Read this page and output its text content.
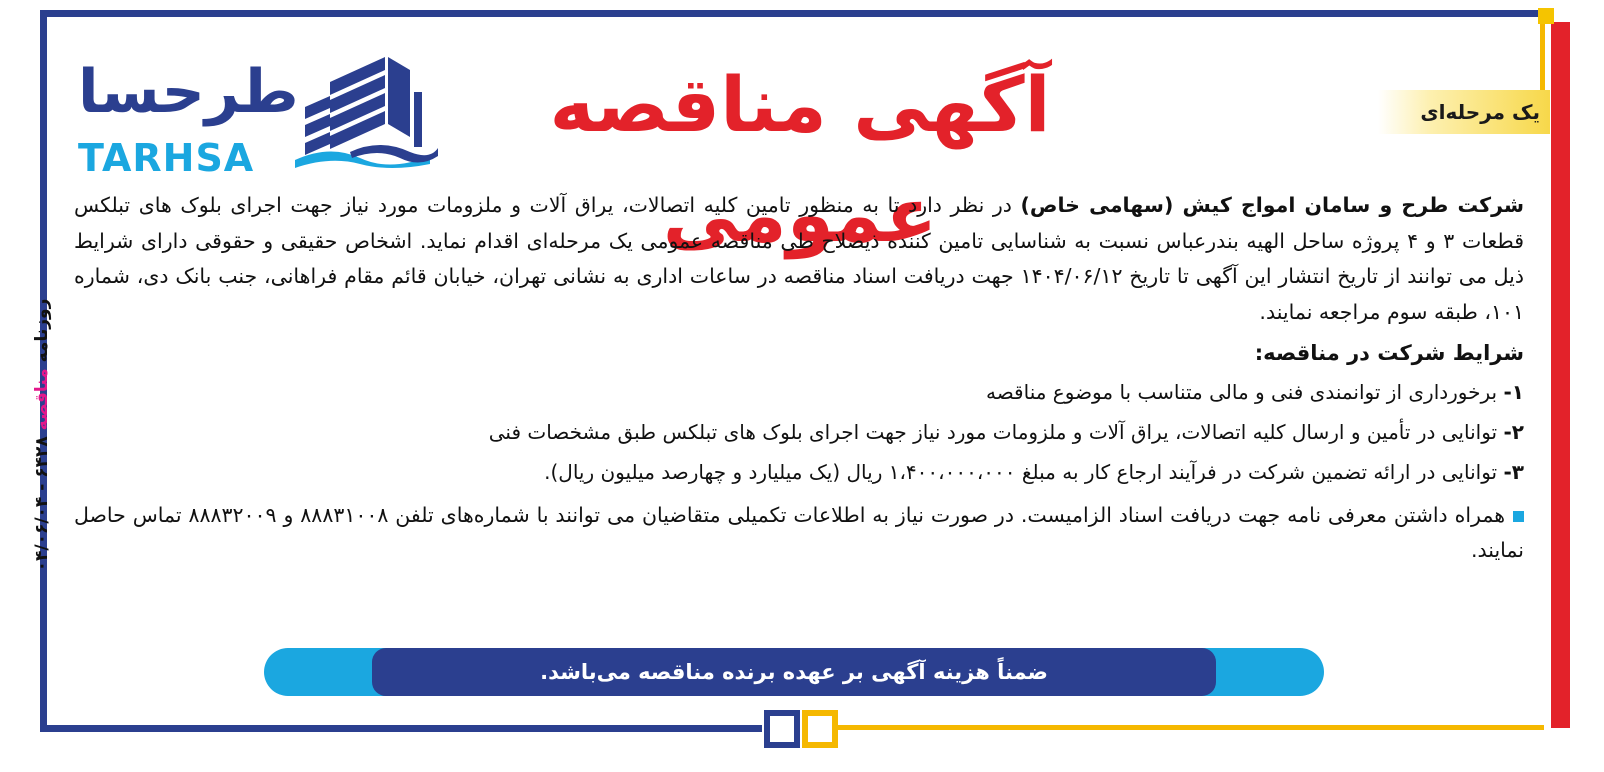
طرحسا
TARHSA
آگهی مناقصه عمومی
یک مرحله‌ای
روزنامه مناقصه ۶۴۲۸ - ۰۴/۰۶/۰۴

شرکت طرح و سامان امواج کیش (سهامی خاص) در نظر دارد تا به منظور تامین کلیه اتصالات، یراق آلات و ملزومات مورد نیاز جهت اجرای بلوک های تبلکس قطعات ۳ و ۴ پروژه ساحل الهیه بندرعباس نسبت به شناسایی تامین کننده ذیصلاح طی مناقصه عمومی یک مرحله‌ای اقدام نماید. اشخاص حقیقی و حقوقی دارای شرایط ذیل می توانند از تاریخ انتشار این آگهی تا تاریخ ۱۴۰۴/۰۶/۱۲ جهت دریافت اسناد مناقصه در ساعات اداری به نشانی تهران، خیابان قائم مقام فراهانی، جنب بانک دی، شماره ۱۰۱، طبقه سوم مراجعه نمایند.

شرایط شرکت در مناقصه:

۱- برخورداری از توانمندی فنی و مالی متناسب با موضوع مناقصه

۲- توانایی در تأمین و ارسال کلیه اتصالات، یراق آلات و ملزومات مورد نیاز جهت اجرای بلوک های تبلکس طبق مشخصات فنی

۳- توانایی در ارائه تضمین شرکت در فرآیند ارجاع کار به مبلغ ۱،۴۰۰،۰۰۰،۰۰۰ ریال (یک میلیارد و چهارصد میلیون ریال).

همراه داشتن معرفی نامه جهت دریافت اسناد الزامیست. در صورت نیاز به اطلاعات تکمیلی متقاضیان می توانند با شماره‌های تلفن ۸۸۸۳۱۰۰۸ و ۸۸۸۳۲۰۰۹ تماس حاصل نمایند.

ضمناً هزینه آگهی بر عهده برنده مناقصه می‌باشد.
